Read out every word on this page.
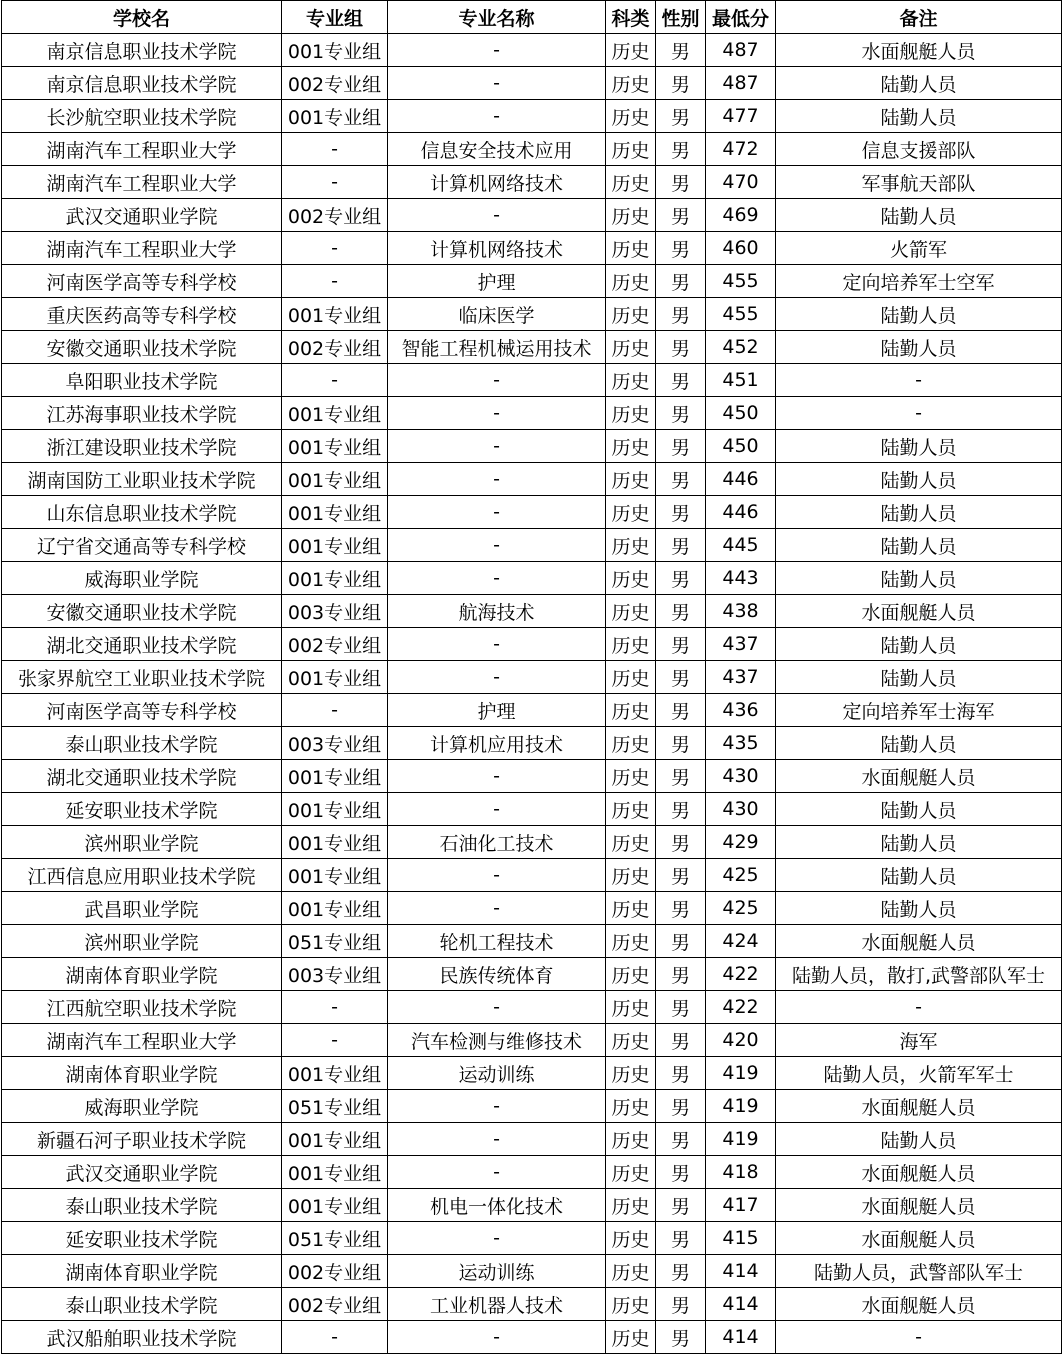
学校名	专业组	专业名称	科类	性别	最低分	备注
南京信息职业技术学院	001专业组	-	历史	男	487	水面舰艇人员
南京信息职业技术学院	002专业组	-	历史	男	487	陆勤人员
长沙航空职业技术学院	001专业组	-	历史	男	477	陆勤人员
湖南汽车工程职业大学	-	信息安全技术应用	历史	男	472	信息支援部队
湖南汽车工程职业大学	-	计算机网络技术	历史	男	470	军事航天部队
武汉交通职业学院	002专业组	-	历史	男	469	陆勤人员
湖南汽车工程职业大学	-	计算机网络技术	历史	男	460	火箭军
河南医学高等专科学校	-	护理	历史	男	455	定向培养军士空军
重庆医药高等专科学校	001专业组	临床医学	历史	男	455	陆勤人员
安徽交通职业技术学院	002专业组	智能工程机械运用技术	历史	男	452	陆勤人员
阜阳职业技术学院	-	-	历史	男	451	-
江苏海事职业技术学院	001专业组	-	历史	男	450	-
浙江建设职业技术学院	001专业组	-	历史	男	450	陆勤人员
湖南国防工业职业技术学院	001专业组	-	历史	男	446	陆勤人员
山东信息职业技术学院	001专业组	-	历史	男	446	陆勤人员
辽宁省交通高等专科学校	001专业组	-	历史	男	445	陆勤人员
威海职业学院	001专业组	-	历史	男	443	陆勤人员
安徽交通职业技术学院	003专业组	航海技术	历史	男	438	水面舰艇人员
湖北交通职业技术学院	002专业组	-	历史	男	437	陆勤人员
张家界航空工业职业技术学院	001专业组	-	历史	男	437	陆勤人员
河南医学高等专科学校	-	护理	历史	男	436	定向培养军士海军
泰山职业技术学院	003专业组	计算机应用技术	历史	男	435	陆勤人员
湖北交通职业技术学院	001专业组	-	历史	男	430	水面舰艇人员
延安职业技术学院	001专业组	-	历史	男	430	陆勤人员
滨州职业学院	001专业组	石油化工技术	历史	男	429	陆勤人员
江西信息应用职业技术学院	001专业组	-	历史	男	425	陆勤人员
武昌职业学院	001专业组	-	历史	男	425	陆勤人员
滨州职业学院	051专业组	轮机工程技术	历史	男	424	水面舰艇人员
湖南体育职业学院	003专业组	民族传统体育	历史	男	422	陆勤人员，散打,武警部队军士
江西航空职业技术学院	-	-	历史	男	422	-
湖南汽车工程职业大学	-	汽车检测与维修技术	历史	男	420	海军
湖南体育职业学院	001专业组	运动训练	历史	男	419	陆勤人员，火箭军军士
威海职业学院	051专业组	-	历史	男	419	水面舰艇人员
新疆石河子职业技术学院	001专业组	-	历史	男	419	陆勤人员
武汉交通职业学院	001专业组	-	历史	男	418	水面舰艇人员
泰山职业技术学院	001专业组	机电一体化技术	历史	男	417	水面舰艇人员
延安职业技术学院	051专业组	-	历史	男	415	水面舰艇人员
湖南体育职业学院	002专业组	运动训练	历史	男	414	陆勤人员，武警部队军士
泰山职业技术学院	002专业组	工业机器人技术	历史	男	414	水面舰艇人员
武汉船舶职业技术学院	-	-	历史	男	414	-
